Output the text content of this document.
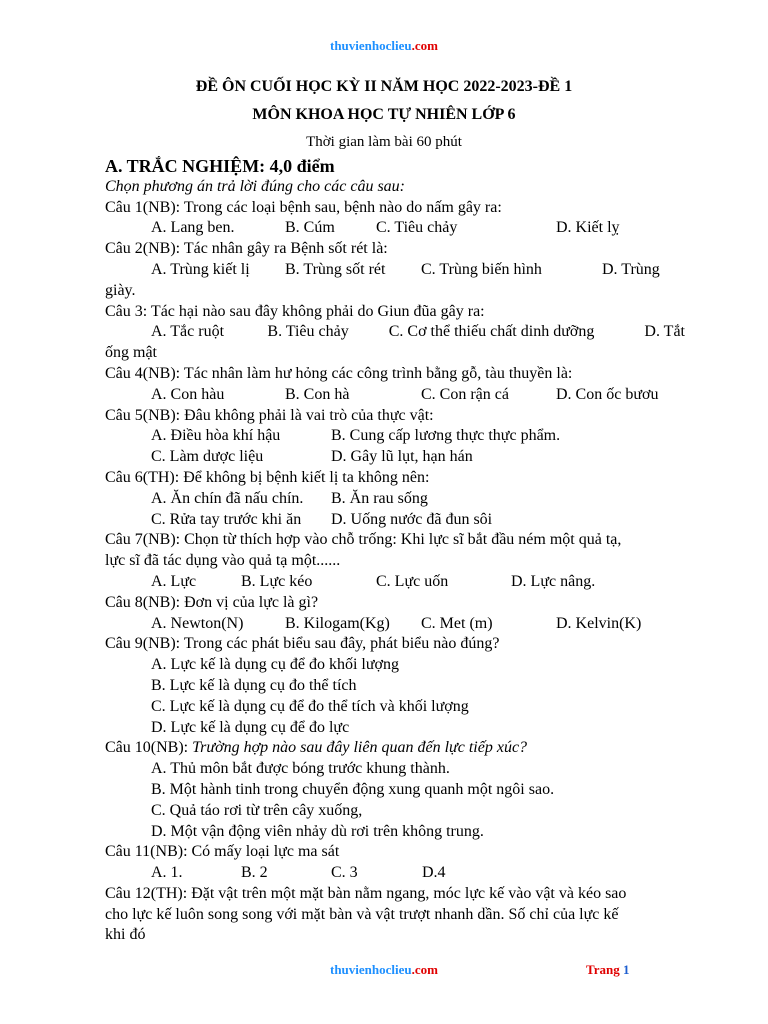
thuvienhoclieu.com
ĐỀ ÔN CUỐI HỌC KỲ II NĂM HỌC 2022-2023-ĐỀ 1
MÔN KHOA HỌC TỰ NHIÊN LỚP 6
Thời gian làm bài 60 phút
A. TRẮC NGHIỆM: 4,0 điểm
Chọn phương án trả lời đúng cho các câu sau:
Câu 1(NB): Trong các loại bệnh sau, bệnh nào do nấm gây ra:
A. Lang ben.	B. Cúm	C. Tiêu chảy	D. Kiết lỵ
Câu 2(NB): Tác nhân gây ra Bệnh sốt rét là:
A. Trùng kiết lị	B. Trùng sốt rét	C. Trùng biến hình	D. Trùng
giày.
Câu 3: Tác hại nào sau đây không phải do Giun đũa gây ra:
A. Tắc ruột	B. Tiêu chảy	C. Cơ thể thiếu chất dinh dưỡng	D. Tắt
ống mật
Câu 4(NB): Tác nhân làm hư hỏng các công trình bằng gỗ, tàu thuyền là:
A. Con hàu	B. Con hà	C. Con rận cá	D. Con ốc bươu
Câu 5(NB): Đâu không phải là vai trò của thực vật:
A. Điều hòa khí hậu	B. Cung cấp lương thực thực phẩm.
C. Làm dược liệu	D. Gây lũ lụt, hạn hán
Câu 6(TH): Để không bị bệnh kiết lị ta không nên:
A. Ăn chín đã nấu chín.	B. Ăn rau sống
C. Rửa tay trước khi ăn	D. Uống nước đã đun sôi
Câu 7(NB): Chọn từ thích hợp vào chỗ trống: Khi lực sĩ bắt đầu ném một quả tạ,
lực sĩ đã tác dụng vào quả tạ một......
A. Lực	B. Lực kéo	C. Lực uốn	D. Lực nâng.
Câu 8(NB): Đơn vị của lực là gì?
A. Newton(N)	B. Kilogam(Kg)	C. Met (m)	D. Kelvin(K)
Câu 9(NB): Trong các phát biểu sau đây, phát biểu nào đúng?
A. Lực kế là dụng cụ để đo khối lượng
B. Lực kế là dụng cụ đo thể tích
C. Lực kế là dụng cụ để đo thể tích và khối lượng
D. Lực kế là dụng cụ để đo lực
Câu 10(NB): Trường hợp nào sau đây liên quan đến lực tiếp xúc?
A. Thủ môn bắt được bóng trước khung thành.
B. Một hành tinh trong chuyển động xung quanh một ngôi sao.
C. Quả táo rơi từ trên cây xuống,
D. Một vận động viên nhảy dù rơi trên không trung.
Câu 11(NB): Có mấy loại lực ma sát
A. 1.	B. 2	C. 3	D.4
Câu 12(TH): Đặt vật trên một mặt bàn nằm ngang, móc lực kế vào vật và kéo sao
cho lực kế luôn song song với mặt bàn và vật trượt nhanh dần. Số chỉ của lực kế
khi đó
thuvienhoclieu.com	Trang 1
